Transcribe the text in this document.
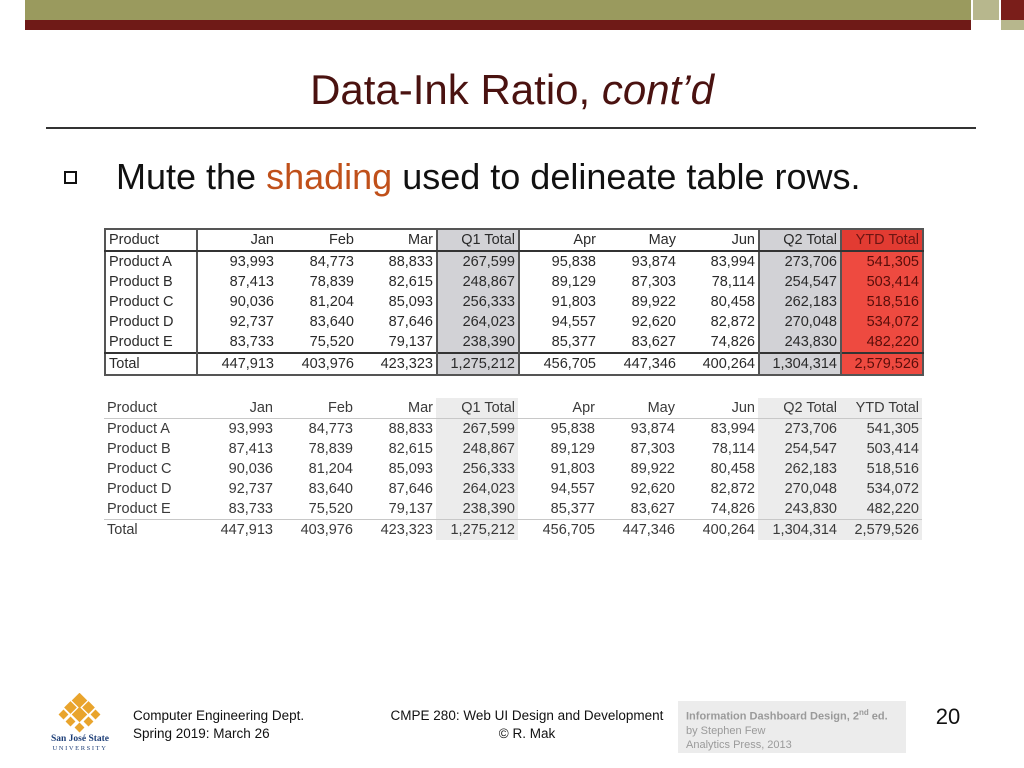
Data-Ink Ratio, cont’d
Mute the shading used to delineate table rows.
Product	Jan	Feb	Mar	Q1 Total	Apr	May	Jun	Q2 Total	YTD Total
Product A	93,993	84,773	88,833	267,599	95,838	93,874	83,994	273,706	541,305
Product B	87,413	78,839	82,615	248,867	89,129	87,303	78,114	254,547	503,414
Product C	90,036	81,204	85,093	256,333	91,803	89,922	80,458	262,183	518,516
Product D	92,737	83,640	87,646	264,023	94,557	92,620	82,872	270,048	534,072
Product E	83,733	75,520	79,137	238,390	85,377	83,627	74,826	243,830	482,220
Total	447,913	403,976	423,323	1,275,212	456,705	447,346	400,264	1,304,314	2,579,526
Product	Jan	Feb	Mar	Q1 Total	Apr	May	Jun	Q2 Total	YTD Total
Product A	93,993	84,773	88,833	267,599	95,838	93,874	83,994	273,706	541,305
Product B	87,413	78,839	82,615	248,867	89,129	87,303	78,114	254,547	503,414
Product C	90,036	81,204	85,093	256,333	91,803	89,922	80,458	262,183	518,516
Product D	92,737	83,640	87,646	264,023	94,557	92,620	82,872	270,048	534,072
Product E	83,733	75,520	79,137	238,390	85,377	83,627	74,826	243,830	482,220
Total	447,913	403,976	423,323	1,275,212	456,705	447,346	400,264	1,304,314	2,579,526
San José State
UNIVERSITY
Computer Engineering Dept.
Spring 2019: March 26
CMPE 280: Web UI Design and Development
© R. Mak
Information Dashboard Design, 2nd ed.
by Stephen Few
Analytics Press, 2013
20
